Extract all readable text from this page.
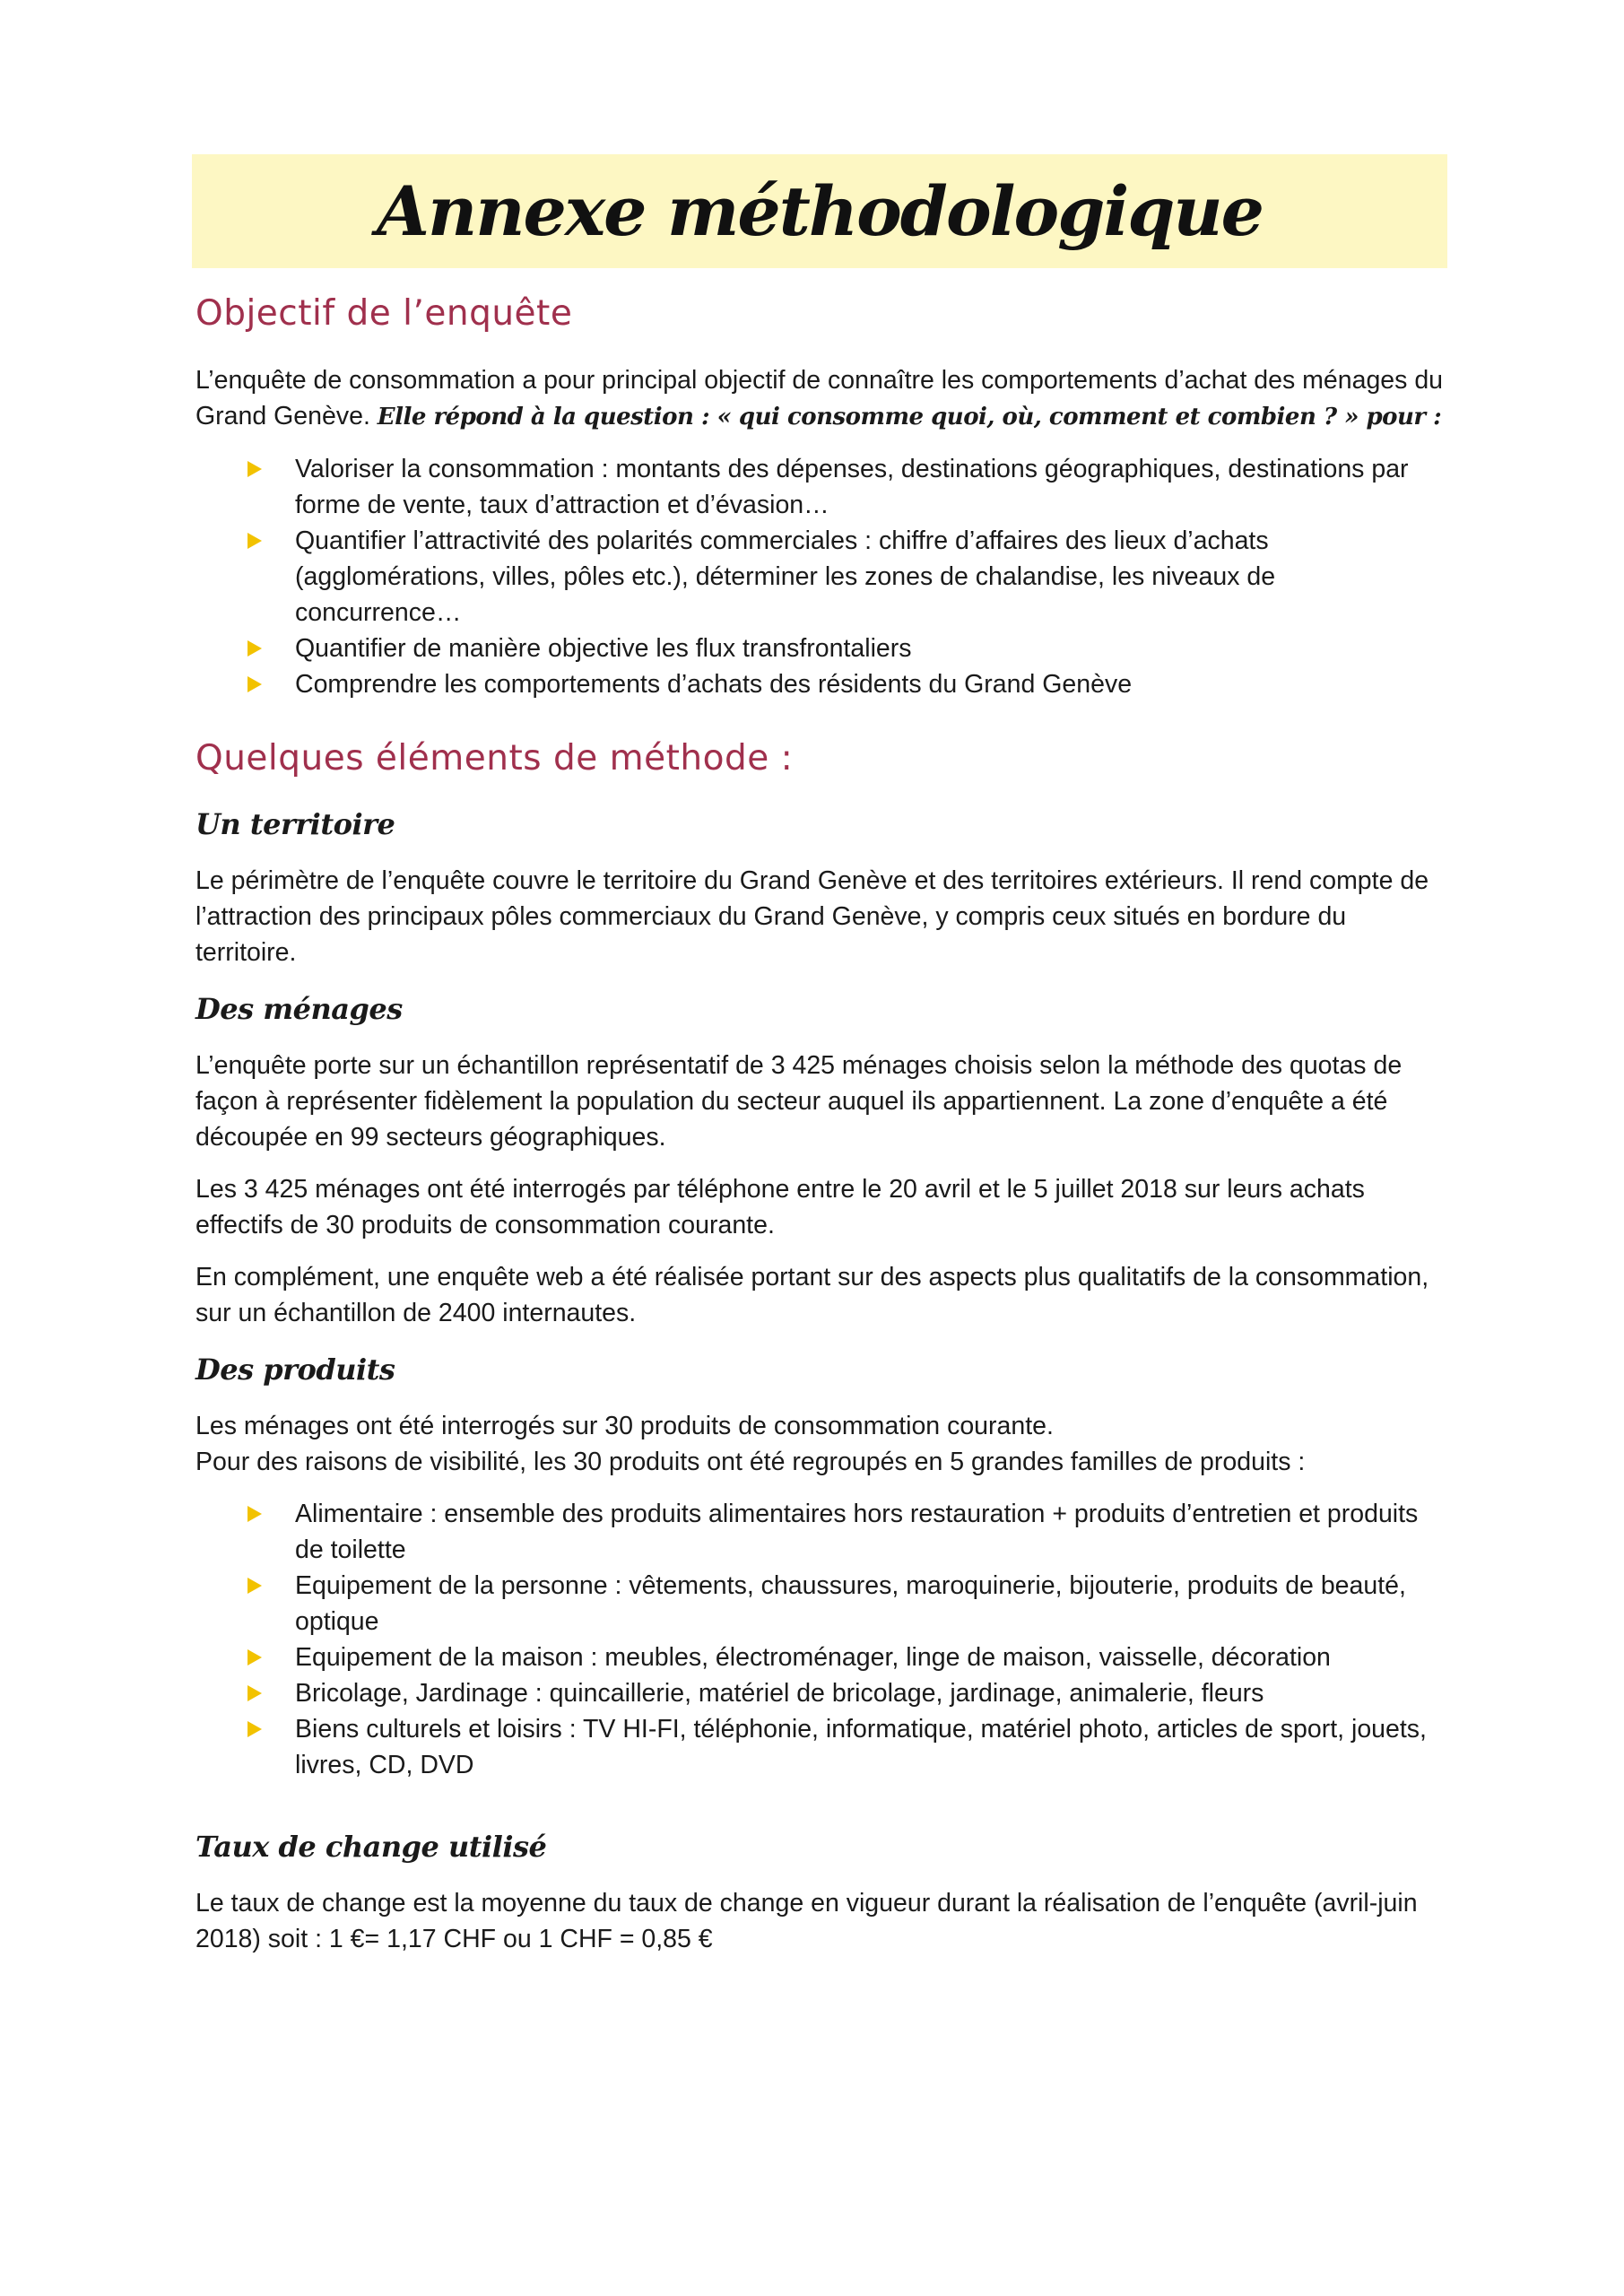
Annexe méthodologique
Objectif de l’enquête

L’enquête de consommation a pour principal objectif de connaître les comportements d’achat des ménages du Grand Genève. Elle répond à la question : « qui consomme quoi, où, comment et combien ? » pour :

Valoriser la consommation : montants des dépenses, destinations géographiques, destinations par forme de vente, taux d’attraction et d’évasion…
Quantifier l’attractivité des polarités commerciales : chiffre d’affaires des lieux d’achats (agglomérations, villes, pôles etc.), déterminer les zones de chalandise, les niveaux de concurrence…
Quantifier de manière objective les flux transfrontaliers
Comprendre les comportements d’achats des résidents du Grand Genève
Quelques éléments de méthode :
Un territoire

Le périmètre de l’enquête couvre le territoire du Grand Genève et des territoires extérieurs. Il rend compte de l’attraction des principaux pôles commerciaux du Grand Genève, y compris ceux situés en bordure du territoire.

Des ménages

L’enquête porte sur un échantillon représentatif de 3 425 ménages choisis selon la méthode des quotas de façon à représenter fidèlement la population du secteur auquel ils appartiennent. La zone d’enquête a été découpée en 99 secteurs géographiques.

Les 3 425 ménages ont été interrogés par téléphone entre le 20 avril et le 5 juillet 2018 sur leurs achats effectifs de 30 produits de consommation courante.

En complément, une enquête web a été réalisée portant sur des aspects plus qualitatifs de la consommation, sur un échantillon de 2400 internautes.

Des produits

Les ménages ont été interrogés sur 30 produits de consommation courante.

Pour des raisons de visibilité, les 30 produits ont été regroupés en 5 grandes familles de produits :

Alimentaire : ensemble des produits alimentaires hors restauration + produits d’entretien et produits de toilette
Equipement de la personne : vêtements, chaussures, maroquinerie, bijouterie, produits de beauté, optique
Equipement de la maison : meubles, électroménager, linge de maison, vaisselle, décoration
Bricolage, Jardinage : quincaillerie, matériel de bricolage, jardinage, animalerie, fleurs
Biens culturels et loisirs : TV HI-FI, téléphonie, informatique, matériel photo, articles de sport, jouets, livres, CD, DVD
Taux de change utilisé

Le taux de change est la moyenne du taux de change en vigueur durant la réalisation de l’enquête (avril-juin 2018) soit : 1 €= 1,17 CHF ou 1 CHF = 0,85 €
